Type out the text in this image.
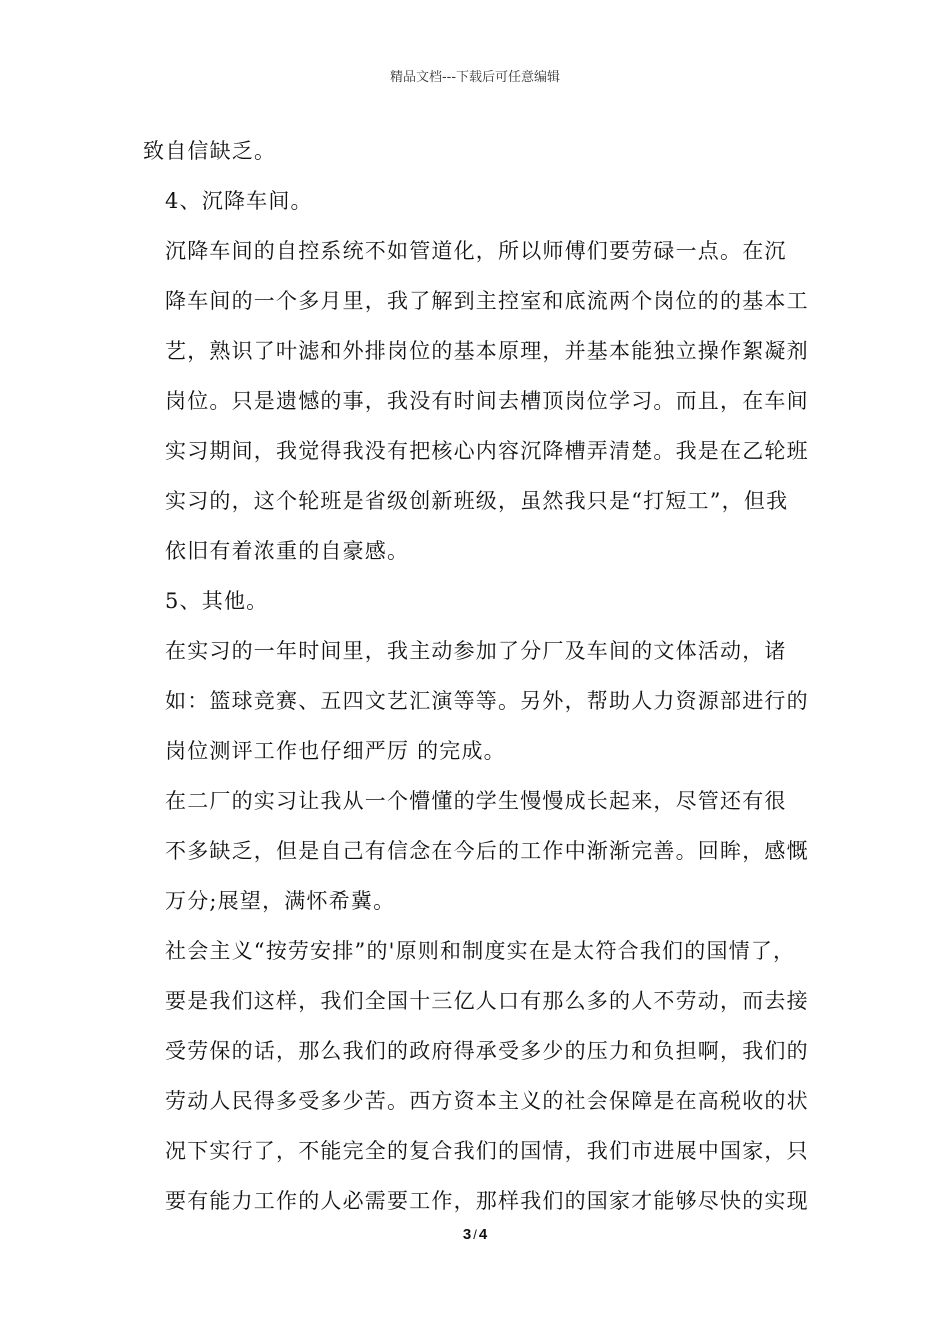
精品文档---下载后可任意编辑

致自信缺乏。

4、沉降车间。

沉降车间的自控系统不如管道化，所以师傅们要劳碌一点。在沉
降车间的一个多月里，我了解到主控室和底流两个岗位的的基本工
艺，熟识了叶滤和外排岗位的基本原理，并基本能独立操作絮凝剂
岗位。只是遗憾的事，我没有时间去槽顶岗位学习。而且，在车间
实习期间，我觉得我没有把核心内容沉降槽弄清楚。我是在乙轮班
实习的，这个轮班是省级创新班级，虽然我只是“打短工”，但我
依旧有着浓重的自豪感。

5、其他。

在实习的一年时间里，我主动参加了分厂及车间的文体活动，诸
如：篮球竞赛、五四文艺汇演等等。另外，帮助人力资源部进行的
岗位测评工作也仔细严厉 的完成。

在二厂的实习让我从一个懵懂的学生慢慢成长起来，尽管还有很
不多缺乏，但是自己有信念在今后的工作中渐渐完善。回眸，感慨
万分;展望，满怀希冀。

社会主义“按劳安排”的'原则和制度实在是太符合我们的国情了，
要是我们这样，我们全国十三亿人口有那么多的人不劳动，而去接
受劳保的话，那么我们的政府得承受多少的压力和负担啊，我们的
劳动人民得多受多少苦。西方资本主义的社会保障是在高税收的状
况下实行了，不能完全的复合我们的国情，我们市进展中国家，只
要有能力工作的人必需要工作，那样我们的国家才能够尽快的实现

3 / 4
